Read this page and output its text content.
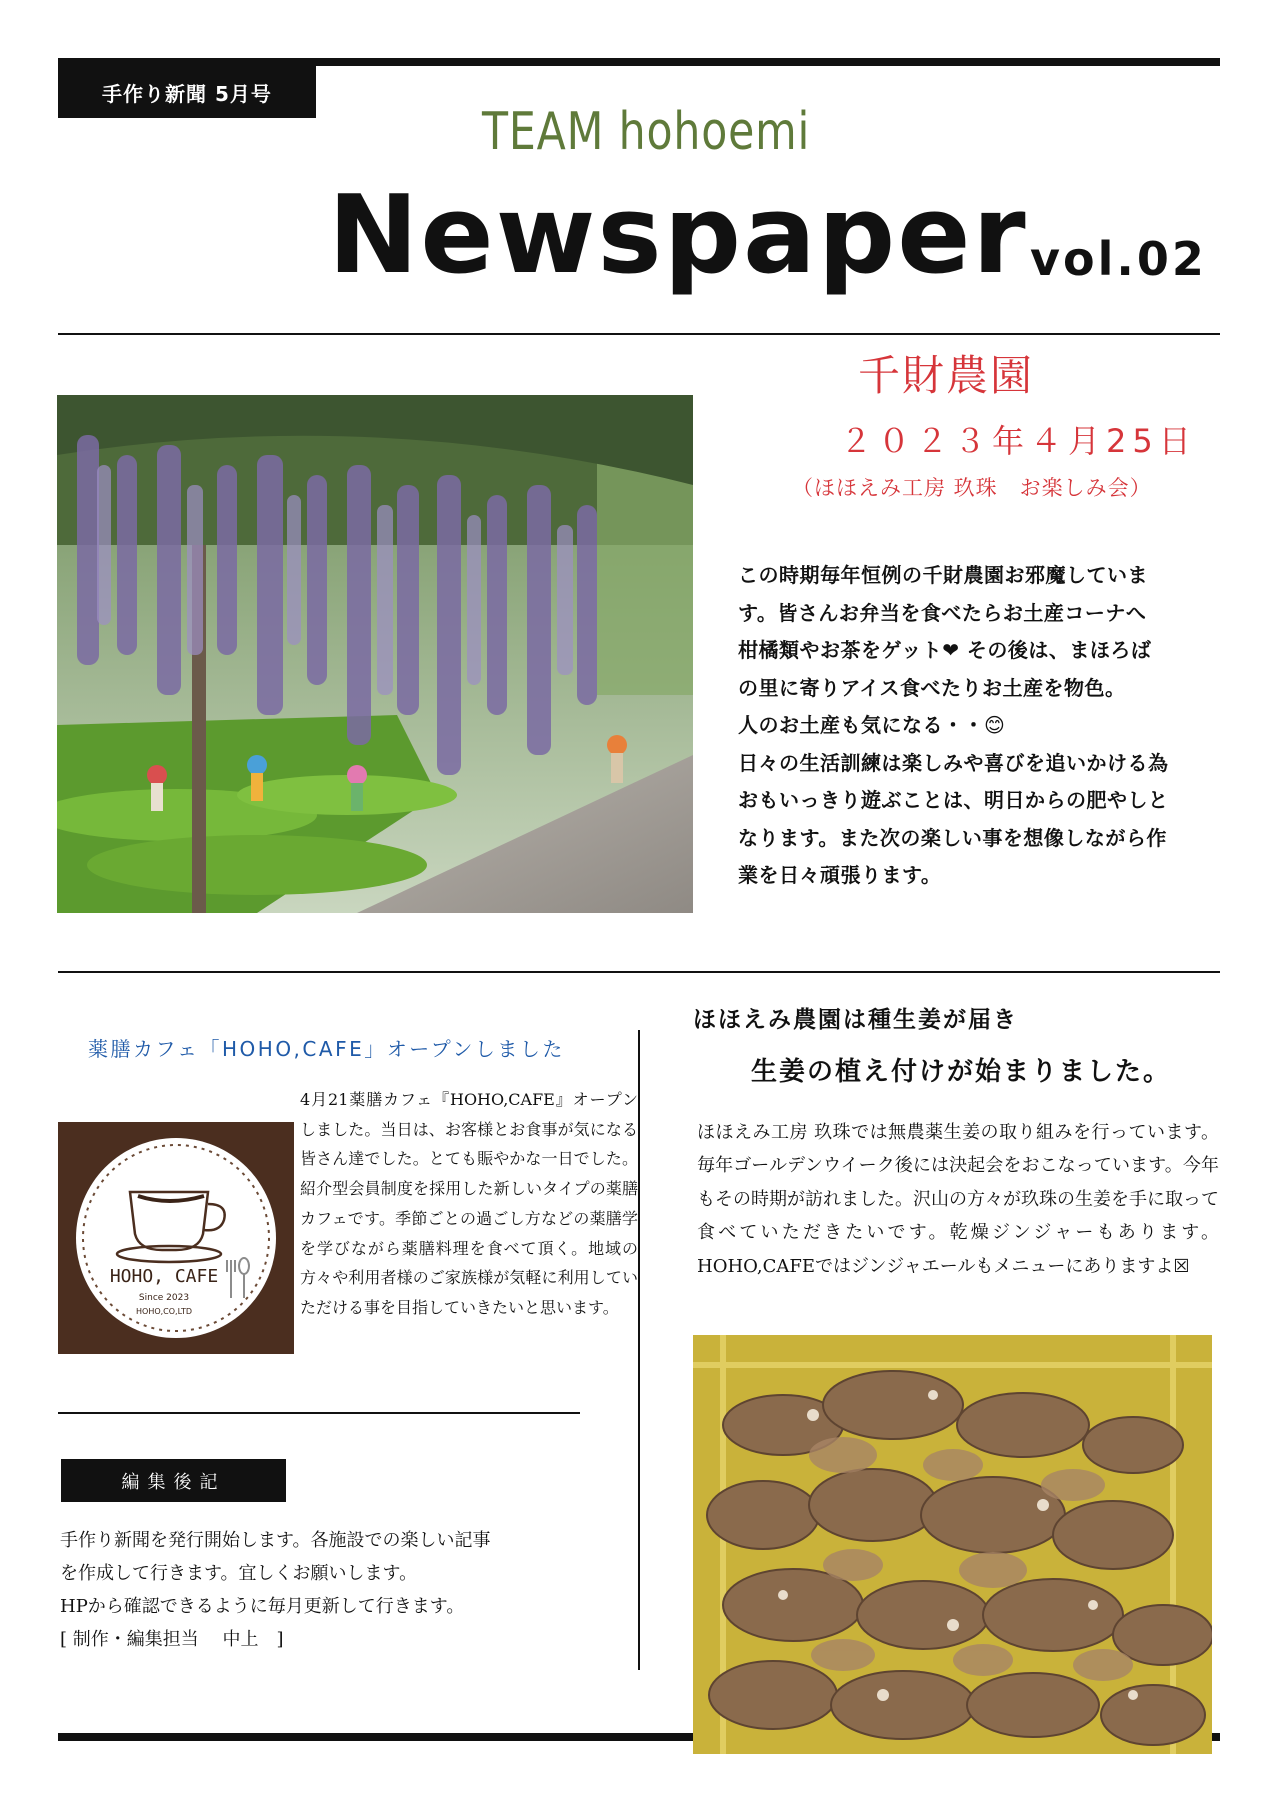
手作り新聞 5月号
TEAM hohoemi
Newspaper vol.02
千財農園
２０２３年４月25日
（ほほえみ工房 玖珠　お楽しみ会）

この時期毎年恒例の千財農園お邪魔していま

す。皆さんお弁当を食べたらお土産コーナへ

柑橘類やお茶をゲット❤ その後は、まほろば

の里に寄りアイス食べたりお土産を物色。

人のお土産も気になる・・😊

日々の生活訓練は楽しみや喜びを追いかける為

おもいっきり遊ぶことは、明日からの肥やしと

なります。また次の楽しい事を想像しながら作

業を日々頑張ります。

薬膳カフェ「HOHO,CAFE」オープンしました
HOHO, CAFE
Since 2023
HOHO,CO,LTD
4月21薬膳カフェ『HOHO,CAFE』オープンしました。当日は、お客様とお食事が気になる皆さん達でした。とても賑やかな一日でした。紹介型会員制度を採用した新しいタイプの薬膳カフェです。季節ごとの過ごし方などの薬膳学を学びながら薬膳料理を食べて頂く。地域の方々や利用者様のご家族様が気軽に利用していただける事を目指していきたいと思います。
編集後記

手作り新聞を発行開始します。各施設での楽しい記事

を作成して行きます。宜しくお願いします。

HPから確認できるように毎月更新して行きます。

[ 制作・編集担当　 中上　]

ほほえみ農園は種生姜が届き
生姜の植え付けが始まりました。
ほほえみ工房 玖珠では無農薬生姜の取り組みを行っています。毎年ゴールデンウイーク後には決起会をおこなっています。今年もその時期が訪れました。沢山の方々が玖珠の生姜を手に取って食べていただきたいです。乾燥ジンジャーもあります。HOHO,CAFEではジンジャエールもメニューにありますよ☒
